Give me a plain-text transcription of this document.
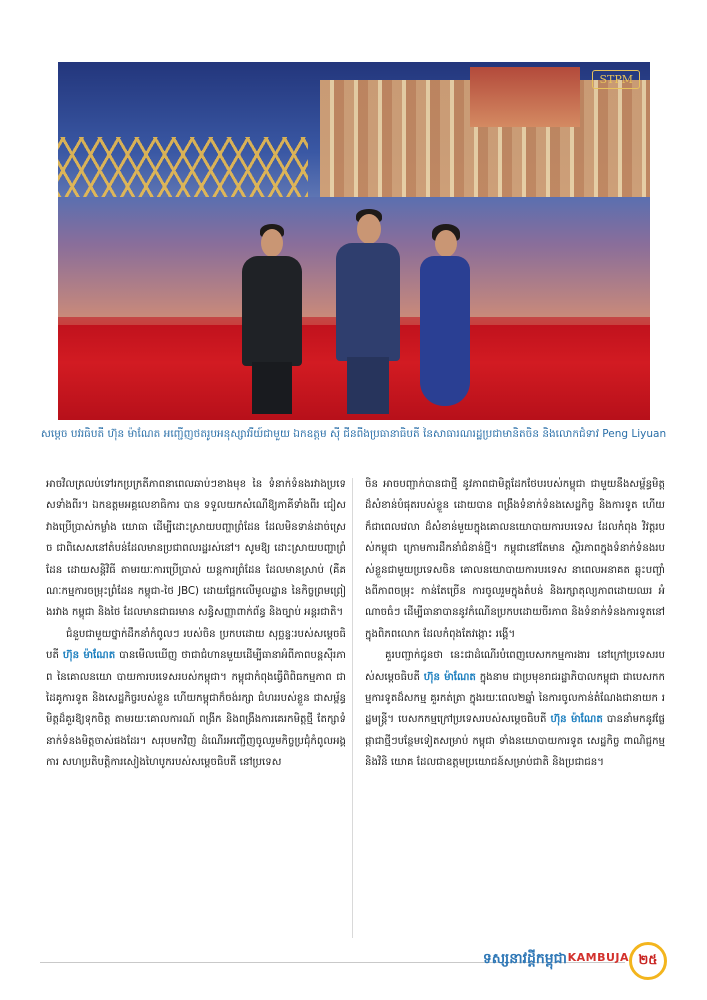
STPM
សម្ដេច បវរធិបតី ហ៊ុន ម៉ាណែត អញ្ជើញថតរូបអនុស្សាវរីយ៍ជាមួយ ឯកឧត្ដម ស៊ី ជីនពីងប្រធានាធិបតី នៃសាធារណរដ្ឋប្រជាមានិតចិន និងលោកជំទាវ Peng Liyuan

អាចវិលត្រលប់ទៅរកប្រក្រតីភាពនាពេលឆាប់ៗខាងមុខ នៃ ទំនាក់ទំនងរវាងប្រទេសទាំងពីរ។ ឯកឧត្ដមអគ្គលេខាធិការ បាន ទទួលយកសំណើឱ្យភាគីទាំងពីរ ជៀសវាងប្រើប្រាស់កម្លាំង យោធា ដើម្បីដោះស្រាយបញ្ហាព្រំដែន ដែលមិនទាន់ដាច់ស្រេច ជាពិសេសនៅតំបន់ដែលមានប្រជាពលរដ្ឋរស់នៅ។ សូមឱ្យ ដោះស្រាយបញ្ហាព្រំដែន ដោយសន្តិវិធី តាមរយៈការប្រើប្រាស់ យន្តការព្រំដែន ដែលមានស្រាប់ (គឺគណៈកម្មការចម្រុះព្រំដែន កម្ពុជា-ថៃ JBC) ដោយផ្អែកលើមូលដ្ឋាន នៃកិច្ចព្រមព្រៀងរវាង កម្ពុជា និងថៃ ដែលមានជាធរមាន សន្ធិសញ្ញាពាក់ព័ន្ធ និងច្បាប់ អន្តរជាតិ។

ជំនួបជាមួយថ្នាក់ដឹកនាំកំពូលៗ របស់ចិន ប្រកបដោយ សុច្ឆន្ទៈរបស់សម្ដេចធិបតី ហ៊ុន ម៉ាណែត បានមើលឃើញ ថាជាជំហានមួយដើម្បីធានាអំពីភាពបន្តស៊ីរភាព នៃគោលនយោ បាយការបរទេសរបស់កម្ពុជា។ កម្ពុជាកំពុងធ្វើពិពិធកម្មភាព ជាដៃគូការទូត និងសេដ្ឋកិច្ចរបស់ខ្លួន ហើយកម្ពុជាក៏ចង់រក្សា ជំហររបស់ខ្លួន ជាសម្ព័ន្ធមិត្តដ៏គួរឱ្យទុកចិត្ត តាមរយៈគោលការណ៍ ពង្រីក និងពង្រឹងការគេរកមិត្តថ្មី តែក្សាទំនាក់ទំនងមិត្តចាស់ផងដែរ។ សរុបមកវិញ ដំណើរអញ្ជើញចូលរួមកិច្ចប្រជុំកំពូលអង្គការ សហប្រតិបត្តិការសៀងហៃបូករបស់សម្ដេចធិបតី នៅប្រទេស

ចិន អាចបញ្ជាក់បានជាថ្មី នូវភាពជាមិត្តដែកថែបរបស់កម្ពុជា ជាមួយនឹងសម្ព័ន្ធមិត្តដ៏សំខាន់បំផុតរបស់ខ្លួន ដោយបាន ពង្រឹងទំនាក់ទំនងសេដ្ឋកិច្ច និងការទូត ហើយក៏ជាពេលវេលា ដ៏សំខាន់មួយក្នុងគោលនយោបាយការបរទេស ដែលកំពុង វិវត្តរបស់កម្ពុជា ក្រោមការដឹកនាំជំនាន់ថ្មី។ កម្ពុជានៅតែមាន ស្ថិរភាពក្នុងទំនាក់ទំនងរបស់ខ្លួនជាមួយប្រទេសចិន គោលនយោបាយការបរទេស នាពេលអនាគត ឆ្លុះបញ្ចាំងពីភាពចម្រុះ កាន់តែច្រើន ការចូលរួមក្នុងតំបន់ និងរក្សាតុល្យភាពដោយឈរ អំណាចធំៗ ដើម្បីធានាបាននូវកំណើនប្រកបដោយចីរភាព និងទំនាក់ទំនងការទូតនៅក្នុងពិភពលោក ដែលកំពុងតែវង្កោះ រង្គើ។

គួរបញ្ជាក់ជូនថា នេះជាដំណើរបំពេញបេសកកម្មការងារ នៅក្រៅប្រទេសរបស់សម្ដេចធិបតី ហ៊ុន ម៉ាណែត ក្នុងនាម ជាប្រមុខរាជរដ្ឋាភិបាលកម្ពុជា ជាបេសកកម្មការទូតដ៏សកម្ម គួរកត់ត្រា ក្នុងរយៈពេល២ឆ្នាំ នៃការចូលកាន់តំណែងជានាយក រដ្ឋមន្ត្រី។ បេសកកម្មក្រៅប្រទេសរបស់សម្ដេចធិបតី ហ៊ុន ម៉ាណែត បាននាំមកនូវផ្លែផ្កាជាថ្មីៗបន្ថែមទៀតសម្រាប់ កម្ពុជា ទាំងនយោបាយការទូត សេដ្ឋកិច្ច ពាណិជ្ជកម្ម និងវិនិ យោគ ដែលជាឧត្តមប្រយោជន៍សម្រាប់ជាតិ និងប្រជាជន។

ទស្សនាវដ្ដីកម្ពុជា KAMBUJA ២៥
